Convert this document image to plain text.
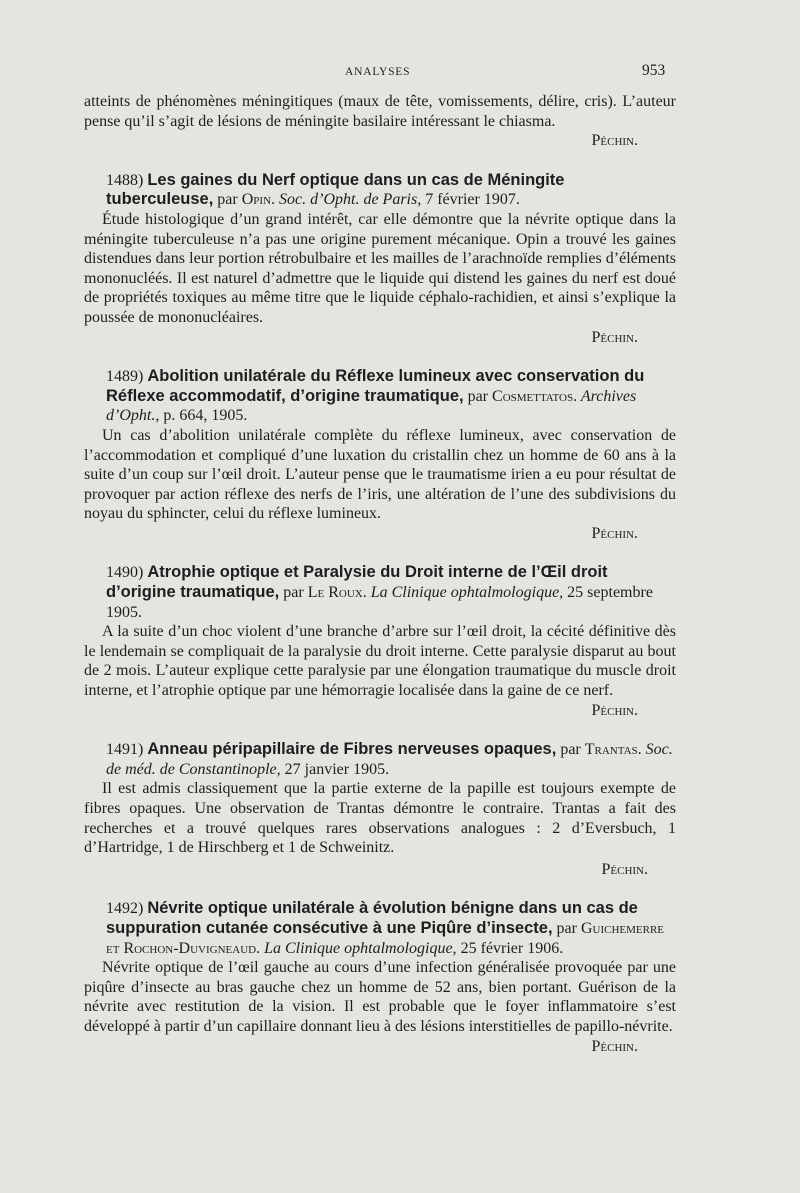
ANALYSES	953

atteints de phénomènes méningitiques (maux de tête, vomissements, délire, cris). L’auteur pense qu’il s’agit de lésions de méningite basilaire intéressant le chiasma.

Péchin.

1488) Les gaines du Nerf optique dans un cas de Méningite tuberculeuse, par Opin. Soc. d’Opht. de Paris, 7 février 1907.

Étude histologique d’un grand intérêt, car elle démontre que la névrite optique dans la méningite tuberculeuse n’a pas une origine purement mécanique. Opin a trouvé les gaines distendues dans leur portion rétrobulbaire et les mailles de l’arachnoïde remplies d’éléments mononucléés. Il est naturel d’admettre que le liquide qui distend les gaines du nerf est doué de propriétés toxiques au même titre que le liquide céphalo-rachidien, et ainsi s’explique la poussée de mononucléaires.

Péchin.

1489) Abolition unilatérale du Réflexe lumineux avec conservation du Réflexe accommodatif, d’origine traumatique, par Cosmettatos. Archives d’Opht., p. 664, 1905.

Un cas d’abolition unilatérale complète du réflexe lumineux, avec conservation de l’accommodation et compliqué d’une luxation du cristallin chez un homme de 60 ans à la suite d’un coup sur l’œil droit. L’auteur pense que le traumatisme irien a eu pour résultat de provoquer par action réflexe des nerfs de l’iris, une altération de l’une des subdivisions du noyau du sphincter, celui du réflexe lumineux.

Péchin.

1490) Atrophie optique et Paralysie du Droit interne de l’Œil droit d’origine traumatique, par Le Roux. La Clinique ophtalmologique, 25 septembre 1905.

A la suite d’un choc violent d’une branche d’arbre sur l’œil droit, la cécité définitive dès le lendemain se compliquait de la paralysie du droit interne. Cette paralysie disparut au bout de 2 mois. L’auteur explique cette paralysie par une élongation traumatique du muscle droit interne, et l’atrophie optique par une hémorragie localisée dans la gaine de ce nerf.

Péchin.

1491) Anneau péripapillaire de Fibres nerveuses opaques, par Trantas. Soc. de méd. de Constantinople, 27 janvier 1905.

Il est admis classiquement que la partie externe de la papille est toujours exempte de fibres opaques. Une observation de Trantas démontre le contraire. Trantas a fait des recherches et a trouvé quelques rares observations analogues : 2 d’Eversbuch, 1 d’Hartridge, 1 de Hirschberg et 1 de Schweinitz.

Péchin.

1492) Névrite optique unilatérale à évolution bénigne dans un cas de suppuration cutanée consécutive à une Piqûre d’insecte, par Guichemerre et Rochon-Duvigneaud. La Clinique ophtalmologique, 25 février 1906.

Névrite optique de l’œil gauche au cours d’une infection généralisée provoquée par une piqûre d’insecte au bras gauche chez un homme de 52 ans, bien portant. Guérison de la névrite avec restitution de la vision. Il est probable que le foyer inflammatoire s’est développé à partir d’un capillaire donnant lieu à des lésions interstitielles de papillo-névrite.

Péchin.
